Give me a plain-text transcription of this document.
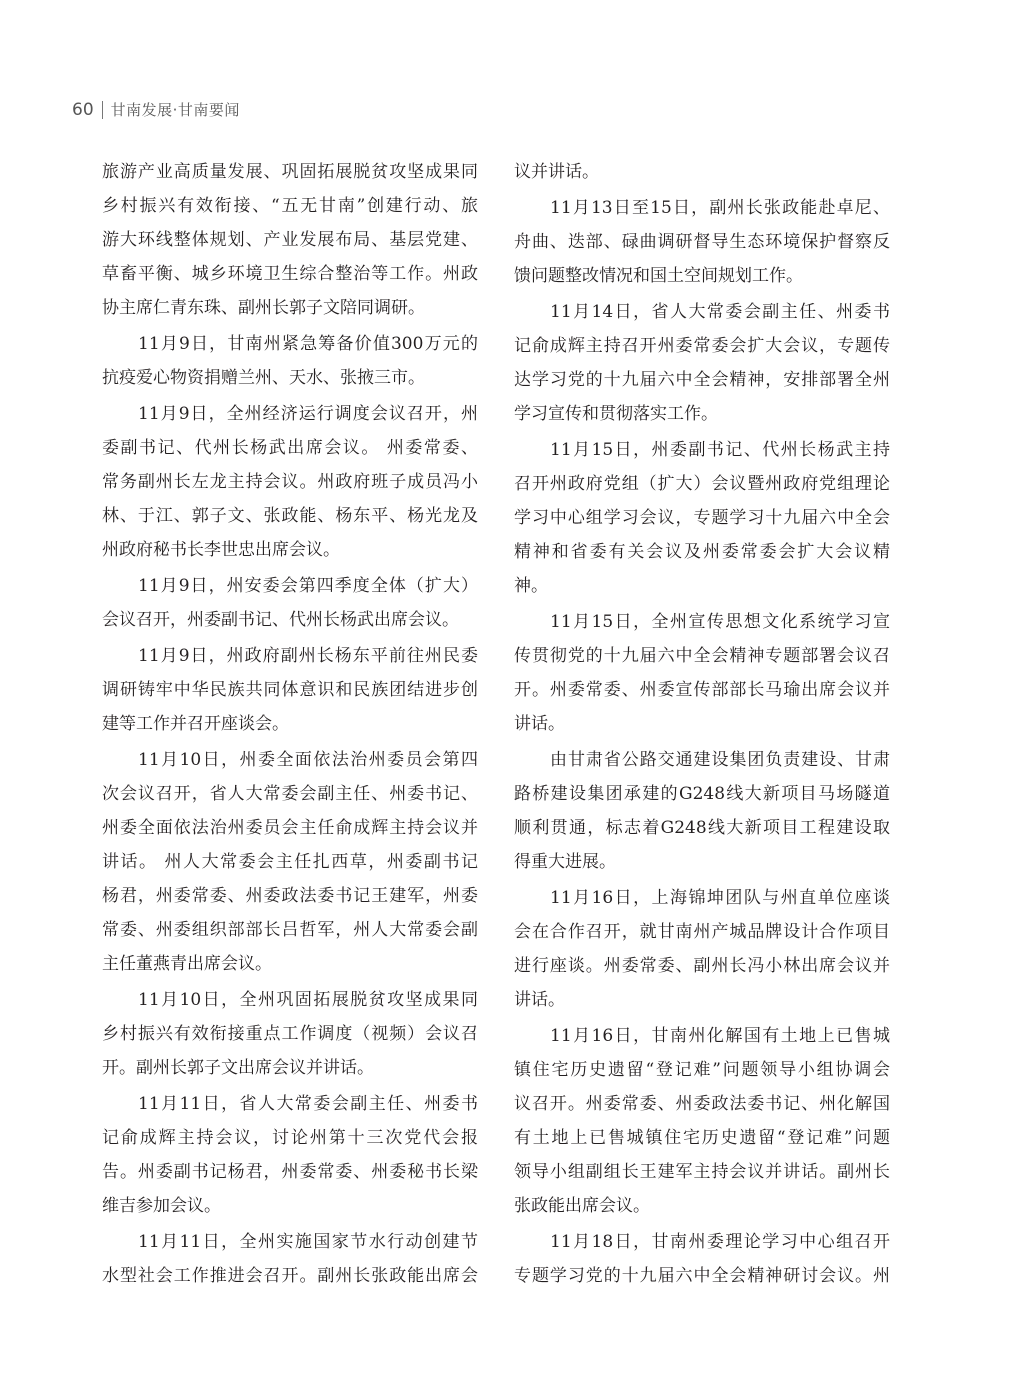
60 甘南发展·甘南要闻
旅游产业高质量发展、巩固拓展脱贫攻坚成果同
乡村振兴有效衔接、“五无甘南”创建行动、旅
游大环线整体规划、产业发展布局、基层党建、
草畜平衡、城乡环境卫生综合整治等工作。州政
协主席仁青东珠、副州长郭子文陪同调研。
11月9日，甘南州紧急筹备价值300万元的
抗疫爱心物资捐赠兰州、天水、张掖三市。
11月9日，全州经济运行调度会议召开，州
委副书记、代州长杨武出席会议。 州委常委、
常务副州长左龙主持会议。州政府班子成员冯小
林、于江、郭子文、张政能、杨东平、杨光龙及
州政府秘书长李世忠出席会议。
11月9日，州安委会第四季度全体（扩大）
会议召开，州委副书记、代州长杨武出席会议。
11月9日，州政府副州长杨东平前往州民委
调研铸牢中华民族共同体意识和民族团结进步创
建等工作并召开座谈会。
11月10日，州委全面依法治州委员会第四
次会议召开，省人大常委会副主任、州委书记、
州委全面依法治州委员会主任俞成辉主持会议并
讲话。 州人大常委会主任扎西草，州委副书记
杨君，州委常委、州委政法委书记王建军，州委
常委、州委组织部部长吕哲军，州人大常委会副
主任董燕青出席会议。
11月10日，全州巩固拓展脱贫攻坚成果同
乡村振兴有效衔接重点工作调度（视频）会议召
开。副州长郭子文出席会议并讲话。
11月11日，省人大常委会副主任、州委书
记俞成辉主持会议，讨论州第十三次党代会报
告。州委副书记杨君，州委常委、州委秘书长梁
维吉参加会议。
11月11日，全州实施国家节水行动创建节
水型社会工作推进会召开。副州长张政能出席会
议并讲话。
11月13日至15日，副州长张政能赴卓尼、
舟曲、迭部、碌曲调研督导生态环境保护督察反
馈问题整改情况和国土空间规划工作。
11月14日，省人大常委会副主任、州委书
记俞成辉主持召开州委常委会扩大会议，专题传
达学习党的十九届六中全会精神，安排部署全州
学习宣传和贯彻落实工作。
11月15日，州委副书记、代州长杨武主持
召开州政府党组（扩大）会议暨州政府党组理论
学习中心组学习会议，专题学习十九届六中全会
精神和省委有关会议及州委常委会扩大会议精
神。
11月15日，全州宣传思想文化系统学习宣
传贯彻党的十九届六中全会精神专题部署会议召
开。州委常委、州委宣传部部长马瑜出席会议并
讲话。
由甘肃省公路交通建设集团负责建设、甘肃
路桥建设集团承建的G248线大新项目马场隧道
顺利贯通，标志着G248线大新项目工程建设取
得重大进展。
11月16日，上海锦坤团队与州直单位座谈
会在合作召开，就甘南州产城品牌设计合作项目
进行座谈。州委常委、副州长冯小林出席会议并
讲话。
11月16日，甘南州化解国有土地上已售城
镇住宅历史遗留“登记难”问题领导小组协调会
议召开。州委常委、州委政法委书记、州化解国
有土地上已售城镇住宅历史遗留“登记难”问题
领导小组副组长王建军主持会议并讲话。副州长
张政能出席会议。
11月18日，甘南州委理论学习中心组召开
专题学习党的十九届六中全会精神研讨会议。州
